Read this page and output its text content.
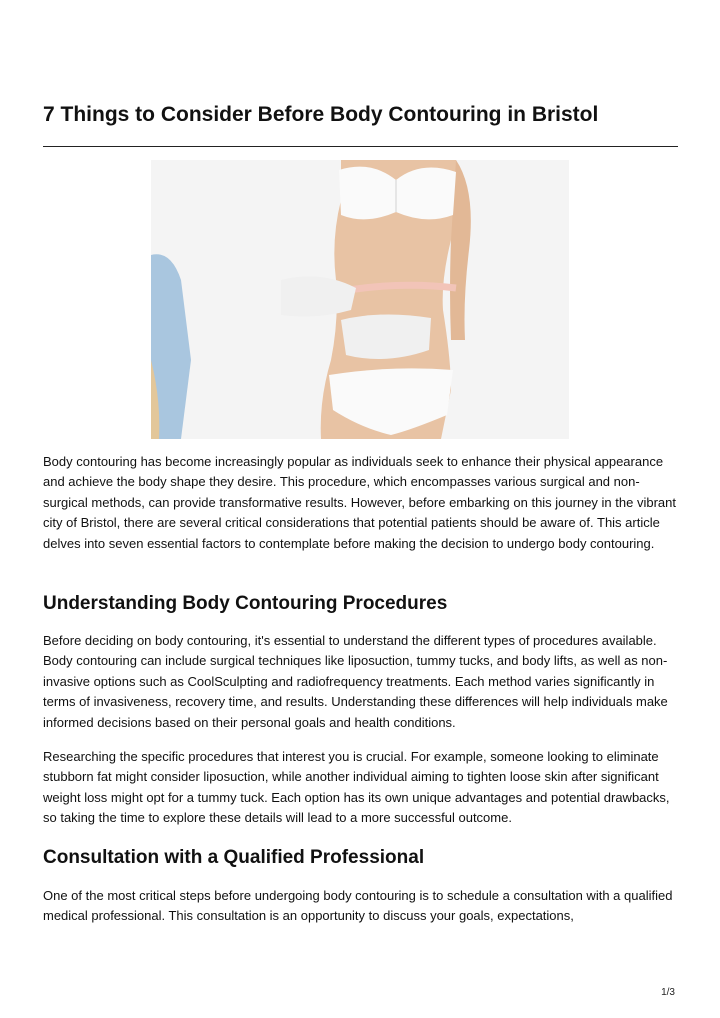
7 Things to Consider Before Body Contouring in Bristol

Body contouring has become increasingly popular as individuals seek to enhance their physical appearance and achieve the body shape they desire. This procedure, which encompasses various surgical and non-surgical methods, can provide transformative results. However, before embarking on this journey in the vibrant city of Bristol, there are several critical considerations that potential patients should be aware of. This article delves into seven essential factors to contemplate before making the decision to undergo body contouring.

Understanding Body Contouring Procedures

Before deciding on body contouring, it's essential to understand the different types of procedures available. Body contouring can include surgical techniques like liposuction, tummy tucks, and body lifts, as well as non-invasive options such as CoolSculpting and radiofrequency treatments. Each method varies significantly in terms of invasiveness, recovery time, and results. Understanding these differences will help individuals make informed decisions based on their personal goals and health conditions.

Researching the specific procedures that interest you is crucial. For example, someone looking to eliminate stubborn fat might consider liposuction, while another individual aiming to tighten loose skin after significant weight loss might opt for a tummy tuck. Each option has its own unique advantages and potential drawbacks, so taking the time to explore these details will lead to a more successful outcome.

Consultation with a Qualified Professional

One of the most critical steps before undergoing body contouring is to schedule a consultation with a qualified medical professional. This consultation is an opportunity to discuss your goals, expectations,

1/3
